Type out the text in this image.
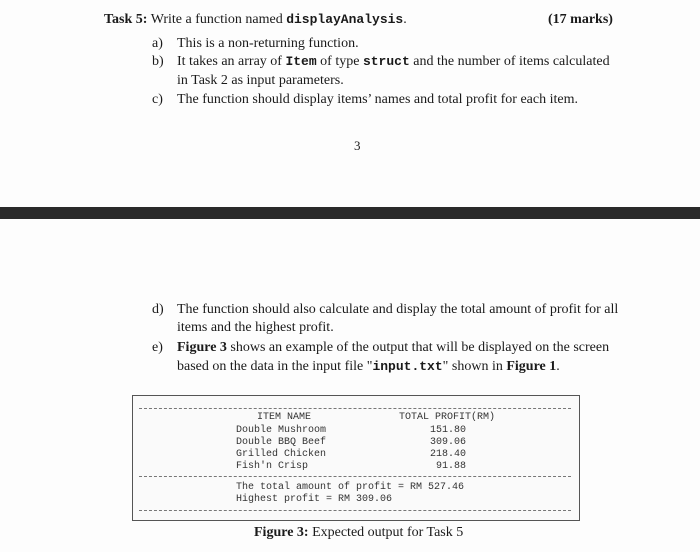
Task 5: Write a function named displayAnalysis.	(17 marks)
a) This is a non-returning function.
b) It takes an array of Item of type struct and the number of items calculated
in Task 2 as input parameters.
c) The function should display items’ names and total profit for each item.
3
d) The function should also calculate and display the total amount of profit for all
items and the highest profit.
e) Figure 3 shows an example of the output that will be displayed on the screen
based on the data in the input file "input.txt" shown in Figure 1.
ITEM NAME	TOTAL PROFIT(RM)
Double Mushroom	151.80
Double BBQ Beef	309.06
Grilled Chicken	218.40
Fish'n Crisp	91.88
The total amount of profit = RM 527.46
Highest profit = RM 309.06
Figure 3: Expected output for Task 5
